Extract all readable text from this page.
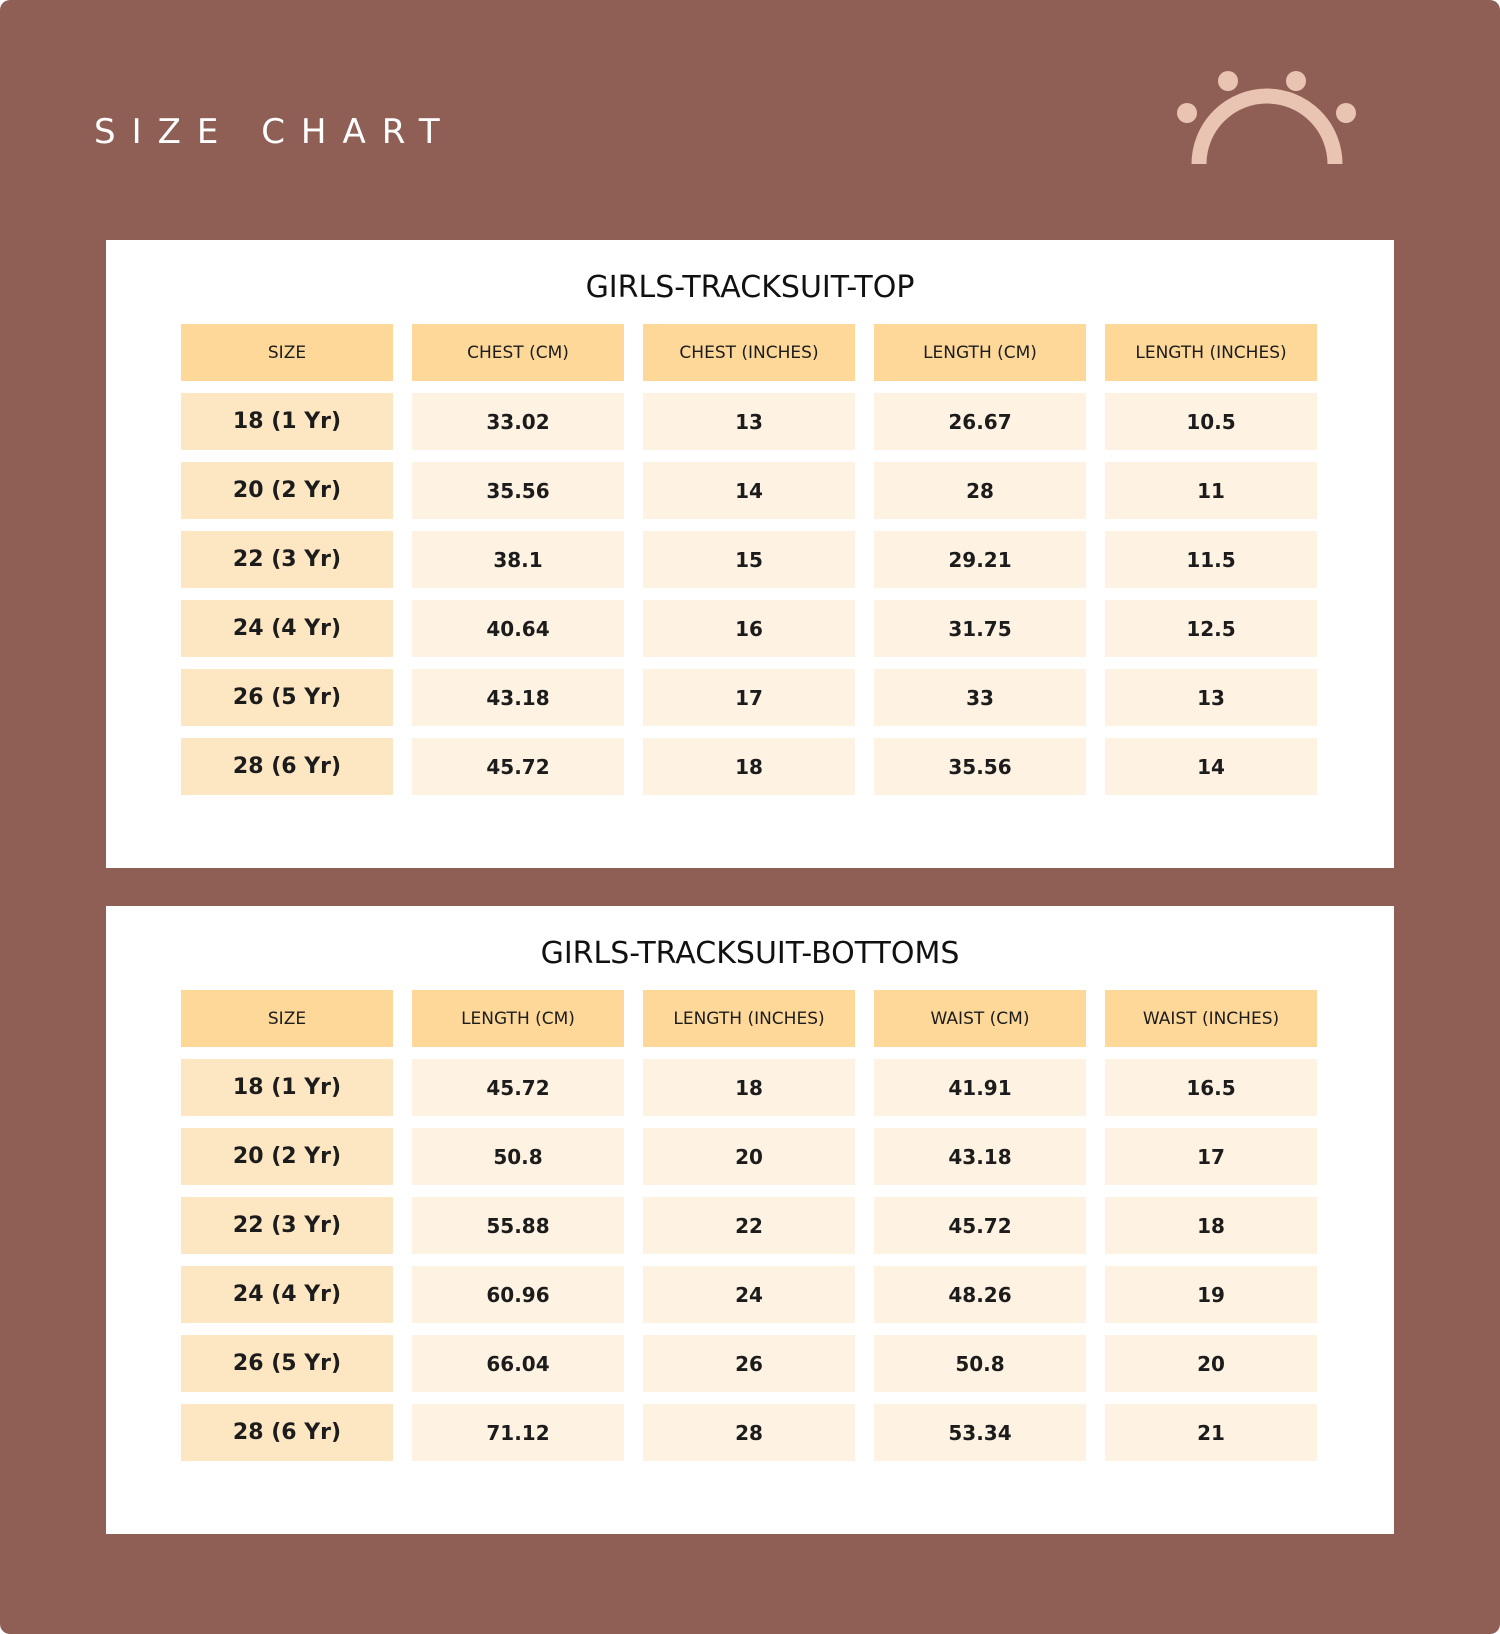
SIZE CHART
GIRLS-TRACKSUIT-TOP
SIZE	CHEST (CM)	CHEST (INCHES)	LENGTH (CM)	LENGTH (INCHES)
18 (1 Yr)	33.02	13	26.67	10.5
20 (2 Yr)	35.56	14	28	11
22 (3 Yr)	38.1	15	29.21	11.5
24 (4 Yr)	40.64	16	31.75	12.5
26 (5 Yr)	43.18	17	33	13
28 (6 Yr)	45.72	18	35.56	14
GIRLS-TRACKSUIT-BOTTOMS
SIZE	LENGTH (CM)	LENGTH (INCHES)	WAIST (CM)	WAIST (INCHES)
18 (1 Yr)	45.72	18	41.91	16.5
20 (2 Yr)	50.8	20	43.18	17
22 (3 Yr)	55.88	22	45.72	18
24 (4 Yr)	60.96	24	48.26	19
26 (5 Yr)	66.04	26	50.8	20
28 (6 Yr)	71.12	28	53.34	21
